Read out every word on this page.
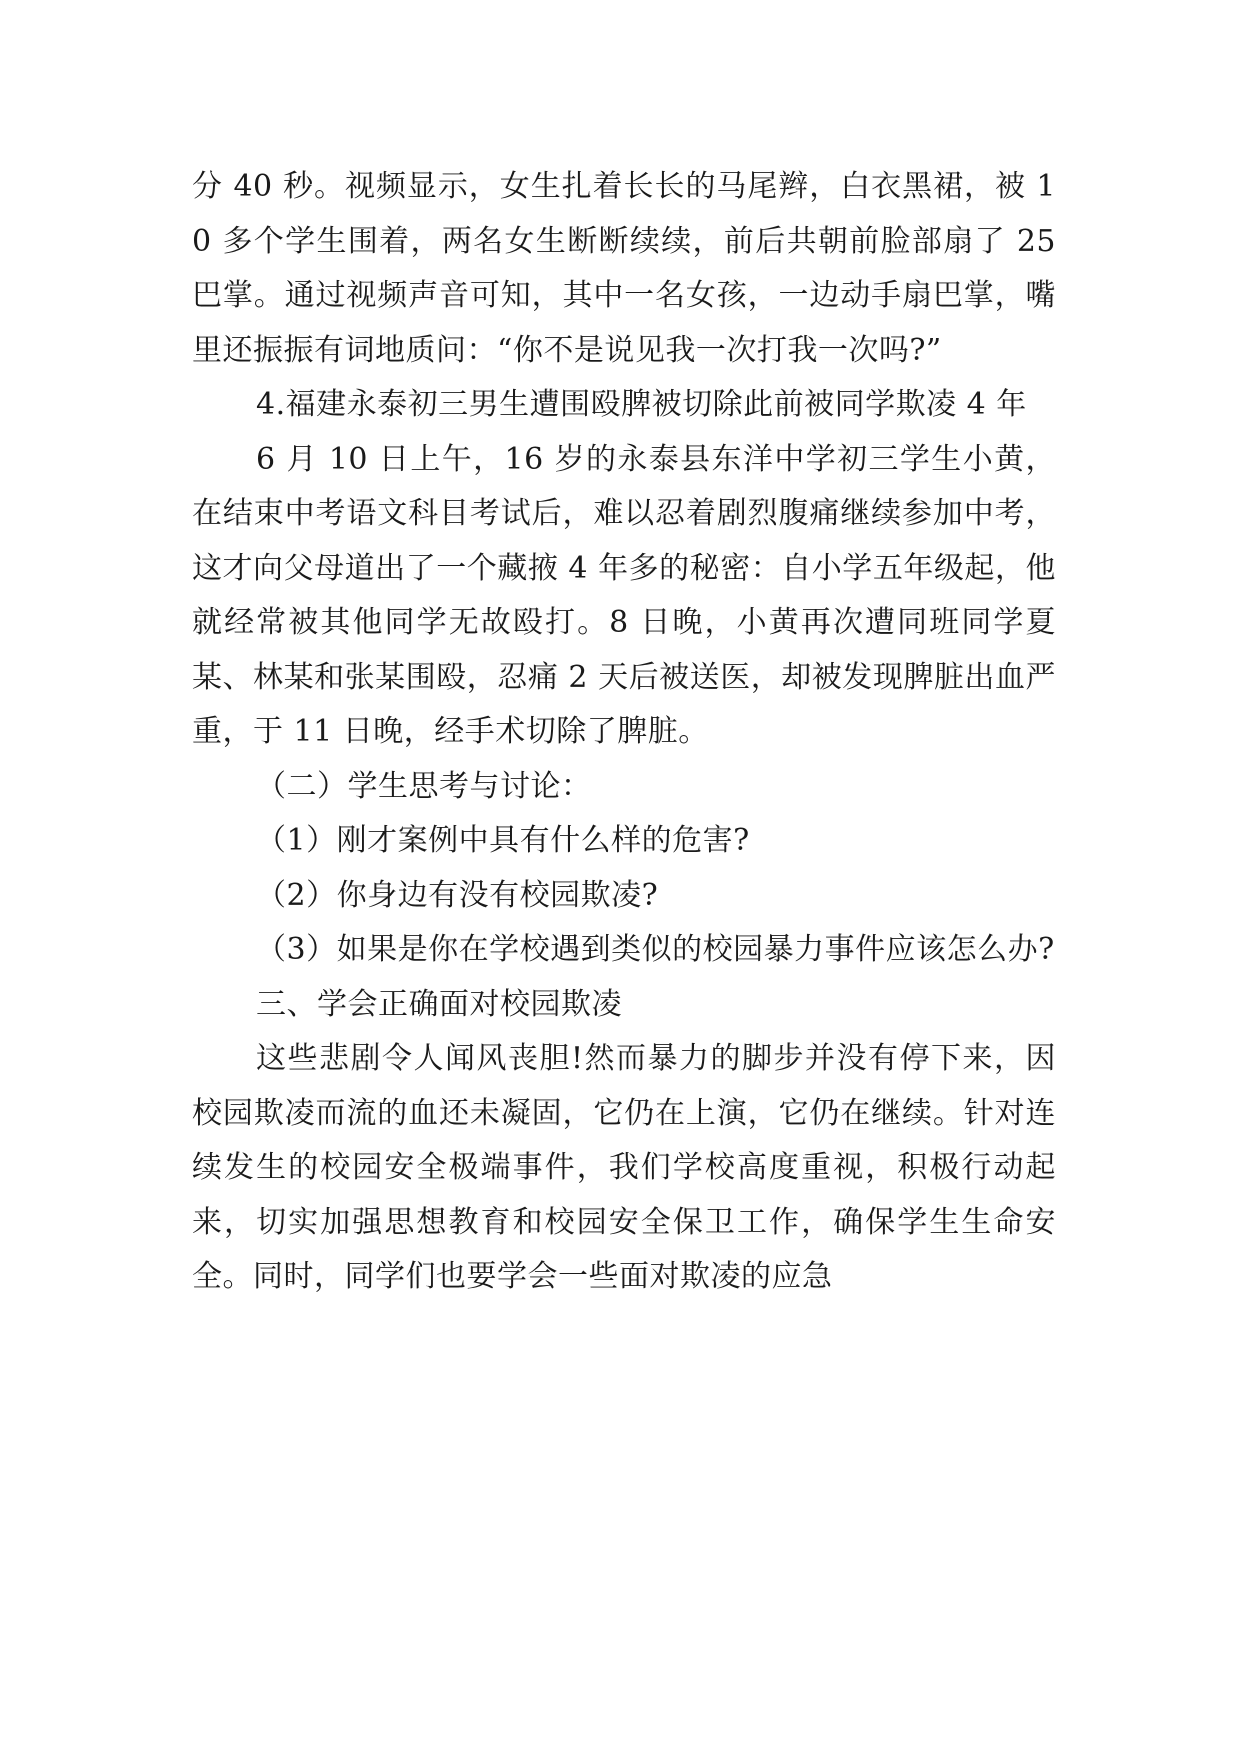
分 40 秒。视频显示，女生扎着长长的马尾辫，白衣黑裙，被 10 多个学生围着，两名女生断断续续，前后共朝前脸部扇了 25 巴掌。通过视频声音可知，其中一名女孩，一边动手扇巴掌，嘴里还振振有词地质问：“你不是说见我一次打我一次吗?”

4.福建永泰初三男生遭围殴脾被切除此前被同学欺凌 4 年

6 月 10 日上午，16 岁的永泰县东洋中学初三学生小黄，在结束中考语文科目考试后，难以忍着剧烈腹痛继续参加中考，这才向父母道出了一个藏掖 4 年多的秘密：自小学五年级起，他就经常被其他同学无故殴打。8 日晚，小黄再次遭同班同学夏某、林某和张某围殴，忍痛 2 天后被送医，却被发现脾脏出血严重，于 11 日晚，经手术切除了脾脏。

（二）学生思考与讨论：

（1）刚才案例中具有什么样的危害?

（2）你身边有没有校园欺凌?

（3）如果是你在学校遇到类似的校园暴力事件应该怎么办?

三、学会正确面对校园欺凌

这些悲剧令人闻风丧胆!然而暴力的脚步并没有停下来，因校园欺凌而流的血还未凝固，它仍在上演，它仍在继续。针对连续发生的校园安全极端事件，我们学校高度重视，积极行动起来，切实加强思想教育和校园安全保卫工作，确保学生生命安全。同时，同学们也要学会一些面对欺凌的应急
